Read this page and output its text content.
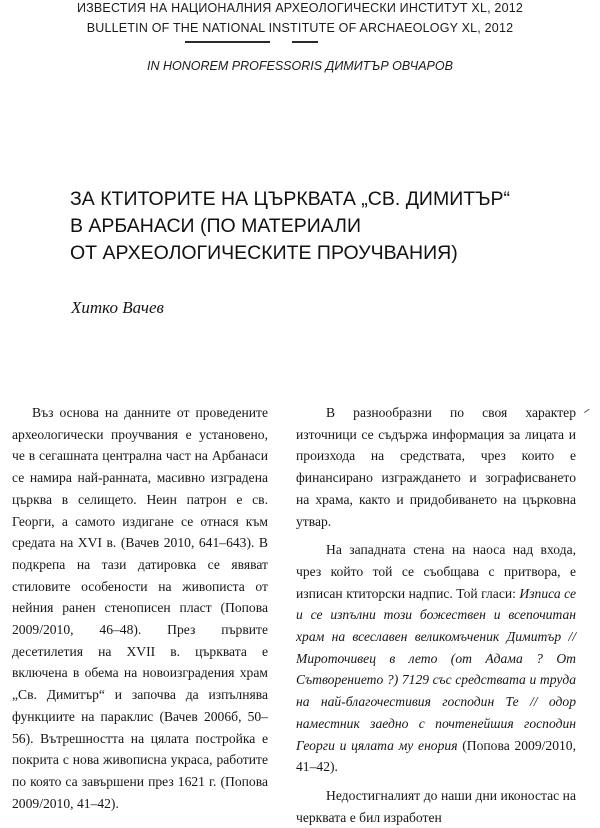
ИЗВЕСТИЯ НА НАЦИОНАЛНИЯ АРХЕОЛОГИЧЕСКИ ИНСТИТУТ XL, 2012
BULLETIN OF THE NATIONAL INSTITUTE OF ARCHAEOLOGY XL, 2012
IN HONOREM PROFESSORIS ДИМИТЪР ОВЧАРОВ
ЗА КТИТОРИТЕ НА ЦЪРКВАТА „СВ. ДИМИТЪР“
В АРБАНАСИ (ПО МАТЕРИАЛИ
ОТ АРХЕОЛОГИЧЕСКИТЕ ПРОУЧВАНИЯ)
Хитко Вачев

Въз основа на данните от проведените археологически проучвания е установено, че в сегашната централна част на Арбанаси се намира най-ранната, масивно изградена църква в селището. Неин патрон е св. Георги, а самото издигане се отнася към средата на XVI в. (Вачев 2010, 641–643). В подкрепа на тази датировка се явяват стиловите особености на живописта от нейния ранен стенописен пласт (Попова 2009/2010, 46–48). През първите десетилетия на XVII в. църквата е включена в обема на новоизградения храм „Св. Димитър“ и започва да изпълнява функциите на параклис (Вачев 2006б, 50–56). Вътрешността на цялата постройка е покрита с нова живописна украса, работите по която са завършени през 1621 г. (Попова 2009/2010, 41–42).

В разнообразни по своя характер източници се съдържа информация за лицата и произхода на средствата, чрез които е финансирано изграждането и зографисването на храма, както и придобиването на църковна утвар.

На западната стена на наоса над входа, чрез който той се съобщава с притвора, е изписан ктиторски надпис. Той гласи: Изписа се и се изпълни този божествен и всепочитан храм на всеславен великомъченик Димитър // Мироточивец в лето (от Адама ? От Сътворението ?) 7129 със средствата и труда на най-благочестивия господин Те // одор наместник заедно с почтенейшия господин Георги и цялата му енория (Попова 2009/2010, 41–42).

Недостигналият до наши дни иконостас на черквата е бил изработен
